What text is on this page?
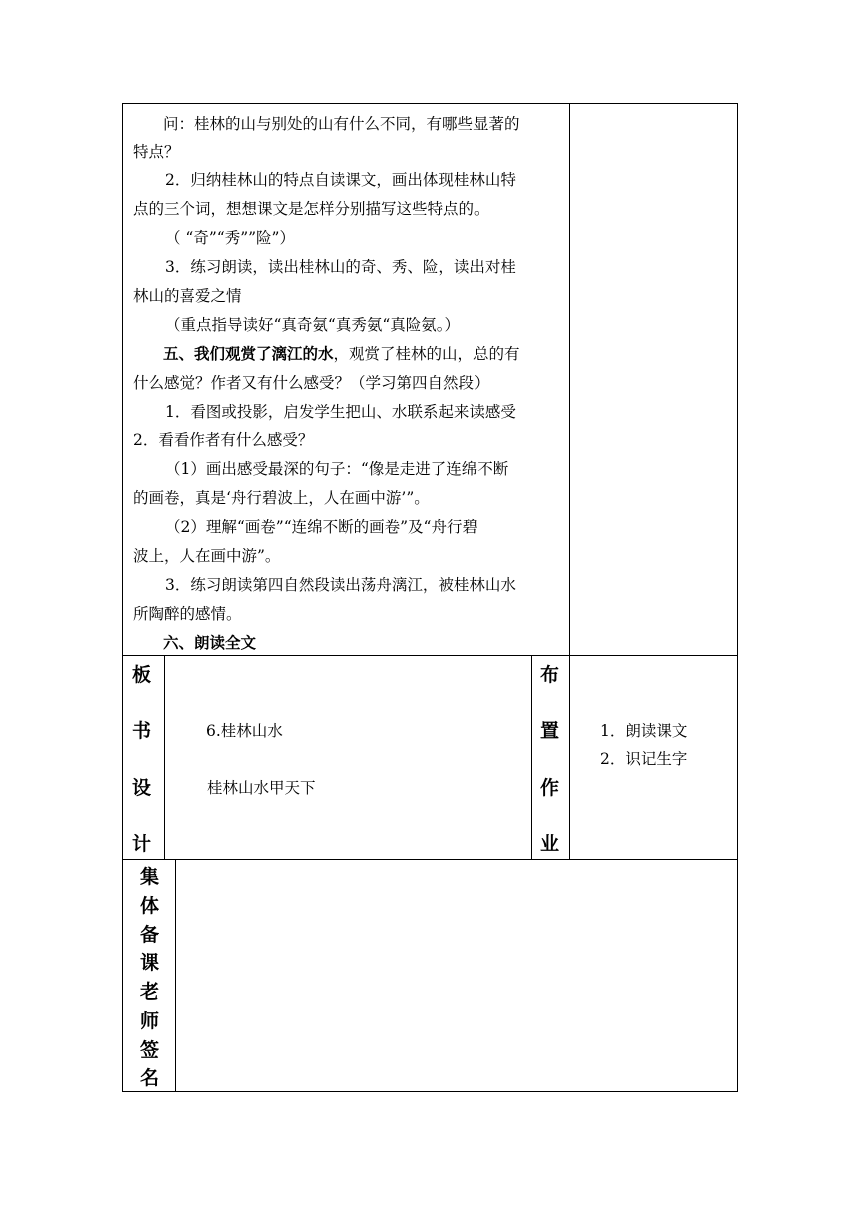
问：桂林的山与别处的山有什么不同，有哪些显著的
特点？
2．归纳桂林山的特点自读课文，画出体现桂林山特
点的三个词，想想课文是怎样分别描写这些特点的。
（ “奇”“秀””险”）
3．练习朗读，读出桂林山的奇、秀、险，读出对桂
林山的喜爱之情
（重点指导读好“真奇氨“真秀氨“真险氨。）
五、我们观赏了漓江的水，观赏了桂林的山，总的有
什么感觉？作者又有什么感受？（学习第四自然段）
1．看图或投影，启发学生把山、水联系起来读感受
2．看看作者有什么感受？
（1）画出感受最深的句子：“像是走进了连绵不断
的画卷，真是‘舟行碧波上，人在画中游’”。
（2）理解“画卷”“连绵不断的画卷”及“舟行碧
波上，人在画中游”。
3．练习朗读第四自然段读出荡舟漓江，被桂林山水
所陶醉的感情。
六、朗读全文
板
书
设
计
6.桂林山水
桂林山水甲天下
布
置
作
业
1．朗读课文
2．识记生字
集
体
备
课
老
师
签
名
